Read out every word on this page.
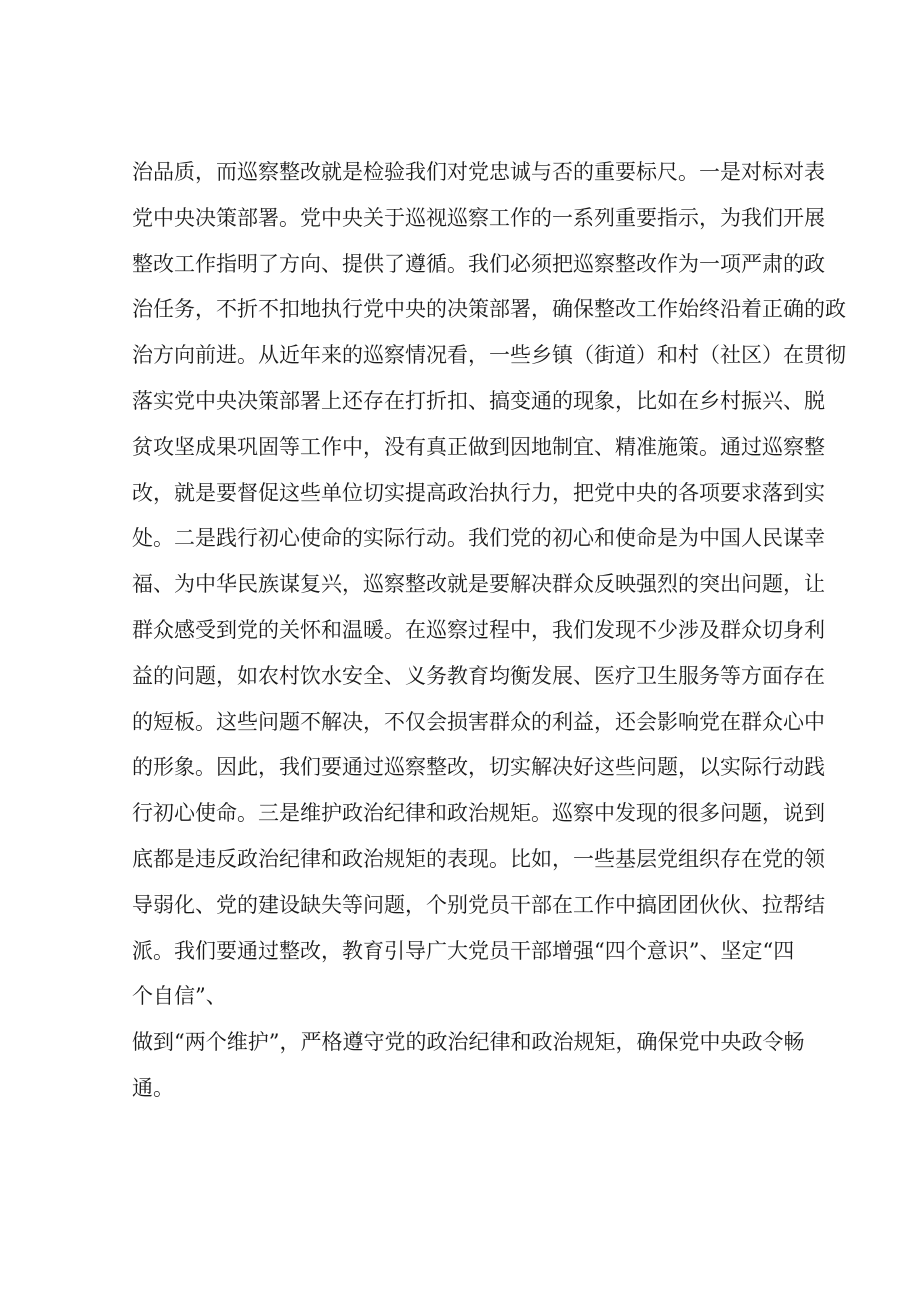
治品质，而巡察整改就是检验我们对党忠诚与否的重要标尺。一是对标对表
党中央决策部署。党中央关于巡视巡察工作的一系列重要指示，为我们开展
整改工作指明了方向、提供了遵循。我们必须把巡察整改作为一项严肃的政
治任务，不折不扣地执行党中央的决策部署，确保整改工作始终沿着正确的政
治方向前进。从近年来的巡察情况看，一些乡镇（街道）和村（社区）在贯彻
落实党中央决策部署上还存在打折扣、搞变通的现象，比如在乡村振兴、脱
贫攻坚成果巩固等工作中，没有真正做到因地制宜、精准施策。通过巡察整
改，就是要督促这些单位切实提高政治执行力，把党中央的各项要求落到实
处。二是践行初心使命的实际行动。我们党的初心和使命是为中国人民谋幸
福、为中华民族谋复兴，巡察整改就是要解决群众反映强烈的突出问题，让
群众感受到党的关怀和温暖。在巡察过程中，我们发现不少涉及群众切身利
益的问题，如农村饮水安全、义务教育均衡发展、医疗卫生服务等方面存在
的短板。这些问题不解决，不仅会损害群众的利益，还会影响党在群众心中
的形象。因此，我们要通过巡察整改，切实解决好这些问题，以实际行动践
行初心使命。三是维护政治纪律和政治规矩。巡察中发现的很多问题，说到
底都是违反政治纪律和政治规矩的表现。比如，一些基层党组织存在党的领
导弱化、党的建设缺失等问题，个别党员干部在工作中搞团团伙伙、拉帮结
派。我们要通过整改，教育引导广大党员干部增强“四个意识”、坚定“四
个自信”、
做到“两个维护”，严格遵守党的政治纪律和政治规矩，确保党中央政令畅
通。
